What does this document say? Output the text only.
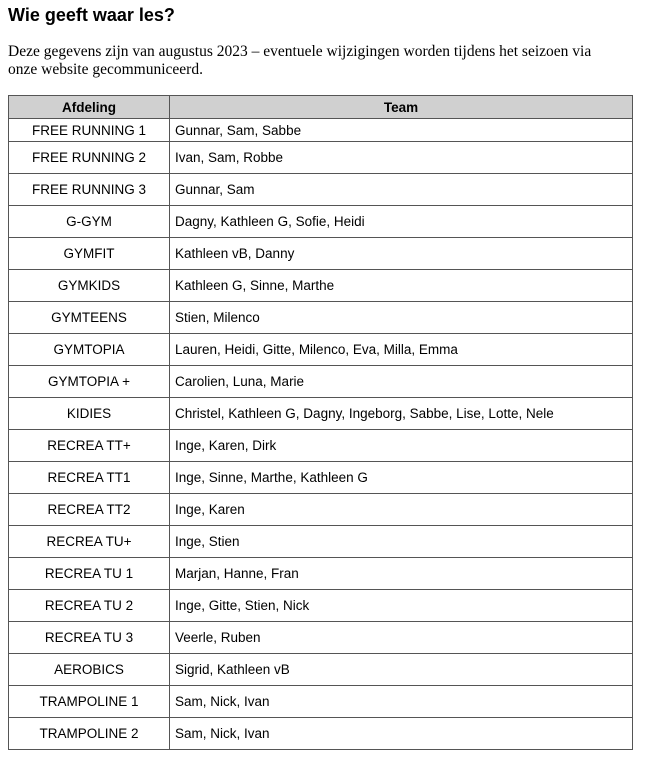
Wie geeft waar les?

Deze gegevens zijn van augustus 2023 – eventuele wijzigingen worden tijdens het seizoen via onze website gecommuniceerd.

Afdeling	Team
FREE RUNNING 1	Gunnar, Sam, Sabbe
FREE RUNNING 2	Ivan, Sam, Robbe
FREE RUNNING 3	Gunnar, Sam
G-GYM	Dagny, Kathleen G, Sofie, Heidi
GYMFIT	Kathleen vB, Danny
GYMKIDS	Kathleen G, Sinne, Marthe
GYMTEENS	Stien, Milenco
GYMTOPIA	Lauren, Heidi, Gitte, Milenco, Eva, Milla, Emma
GYMTOPIA +	Carolien, Luna, Marie
KIDIES	Christel, Kathleen G, Dagny, Ingeborg, Sabbe, Lise, Lotte, Nele
RECREA TT+	Inge, Karen, Dirk
RECREA TT1	Inge, Sinne, Marthe, Kathleen G
RECREA TT2	Inge, Karen
RECREA TU+	Inge, Stien
RECREA TU 1	Marjan, Hanne, Fran
RECREA TU 2	Inge, Gitte, Stien, Nick
RECREA TU 3	Veerle, Ruben
AEROBICS	Sigrid, Kathleen vB
TRAMPOLINE 1	Sam, Nick, Ivan
TRAMPOLINE 2	Sam, Nick, Ivan
